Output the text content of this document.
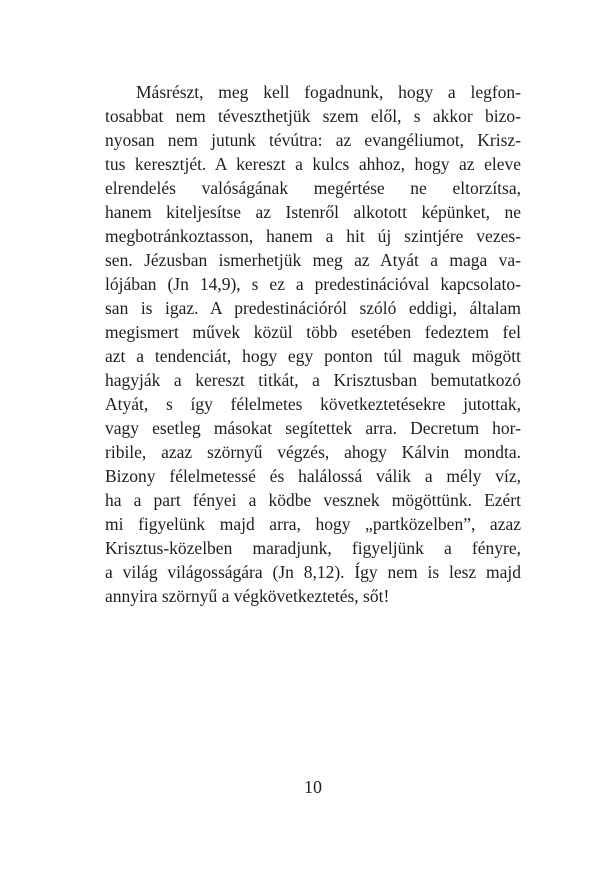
Másrészt, meg kell fogadnunk, hogy a legfon-
tosabbat nem téveszthetjük szem elől, s akkor bizo-
nyosan nem jutunk tévútra: az evangéliumot, Krisz-
tus keresztjét. A kereszt a kulcs ahhoz, hogy az eleve
elrendelés valóságának megértése ne eltorzítsa,
hanem kiteljesítse az Istenről alkotott képünket, ne
megbotránkoztasson, hanem a hit új szintjére vezes-
sen. Jézusban ismerhetjük meg az Atyát a maga va-
lójában (Jn 14,9), s ez a predestinációval kapcsolato-
san is igaz. A predestinációról szóló eddigi, általam
megismert művek közül több esetében fedeztem fel
azt a tendenciát, hogy egy ponton túl maguk mögött
hagyják a kereszt titkát, a Krisztusban bemutatkozó
Atyát, s így félelmetes következtetésekre jutottak,
vagy esetleg másokat segítettek arra. Decretum hor-
ribile, azaz szörnyű végzés, ahogy Kálvin mondta.
Bizony félelmetessé és halálossá válik a mély víz,
ha a part fényei a ködbe vesznek mögöttünk. Ezért
mi figyelünk majd arra, hogy „partközelben”, azaz
Krisztus-közelben maradjunk, figyeljünk a fényre,
a világ világosságára (Jn 8,12). Így nem is lesz majd
annyira szörnyű a végkövetkeztetés, sőt!
10
